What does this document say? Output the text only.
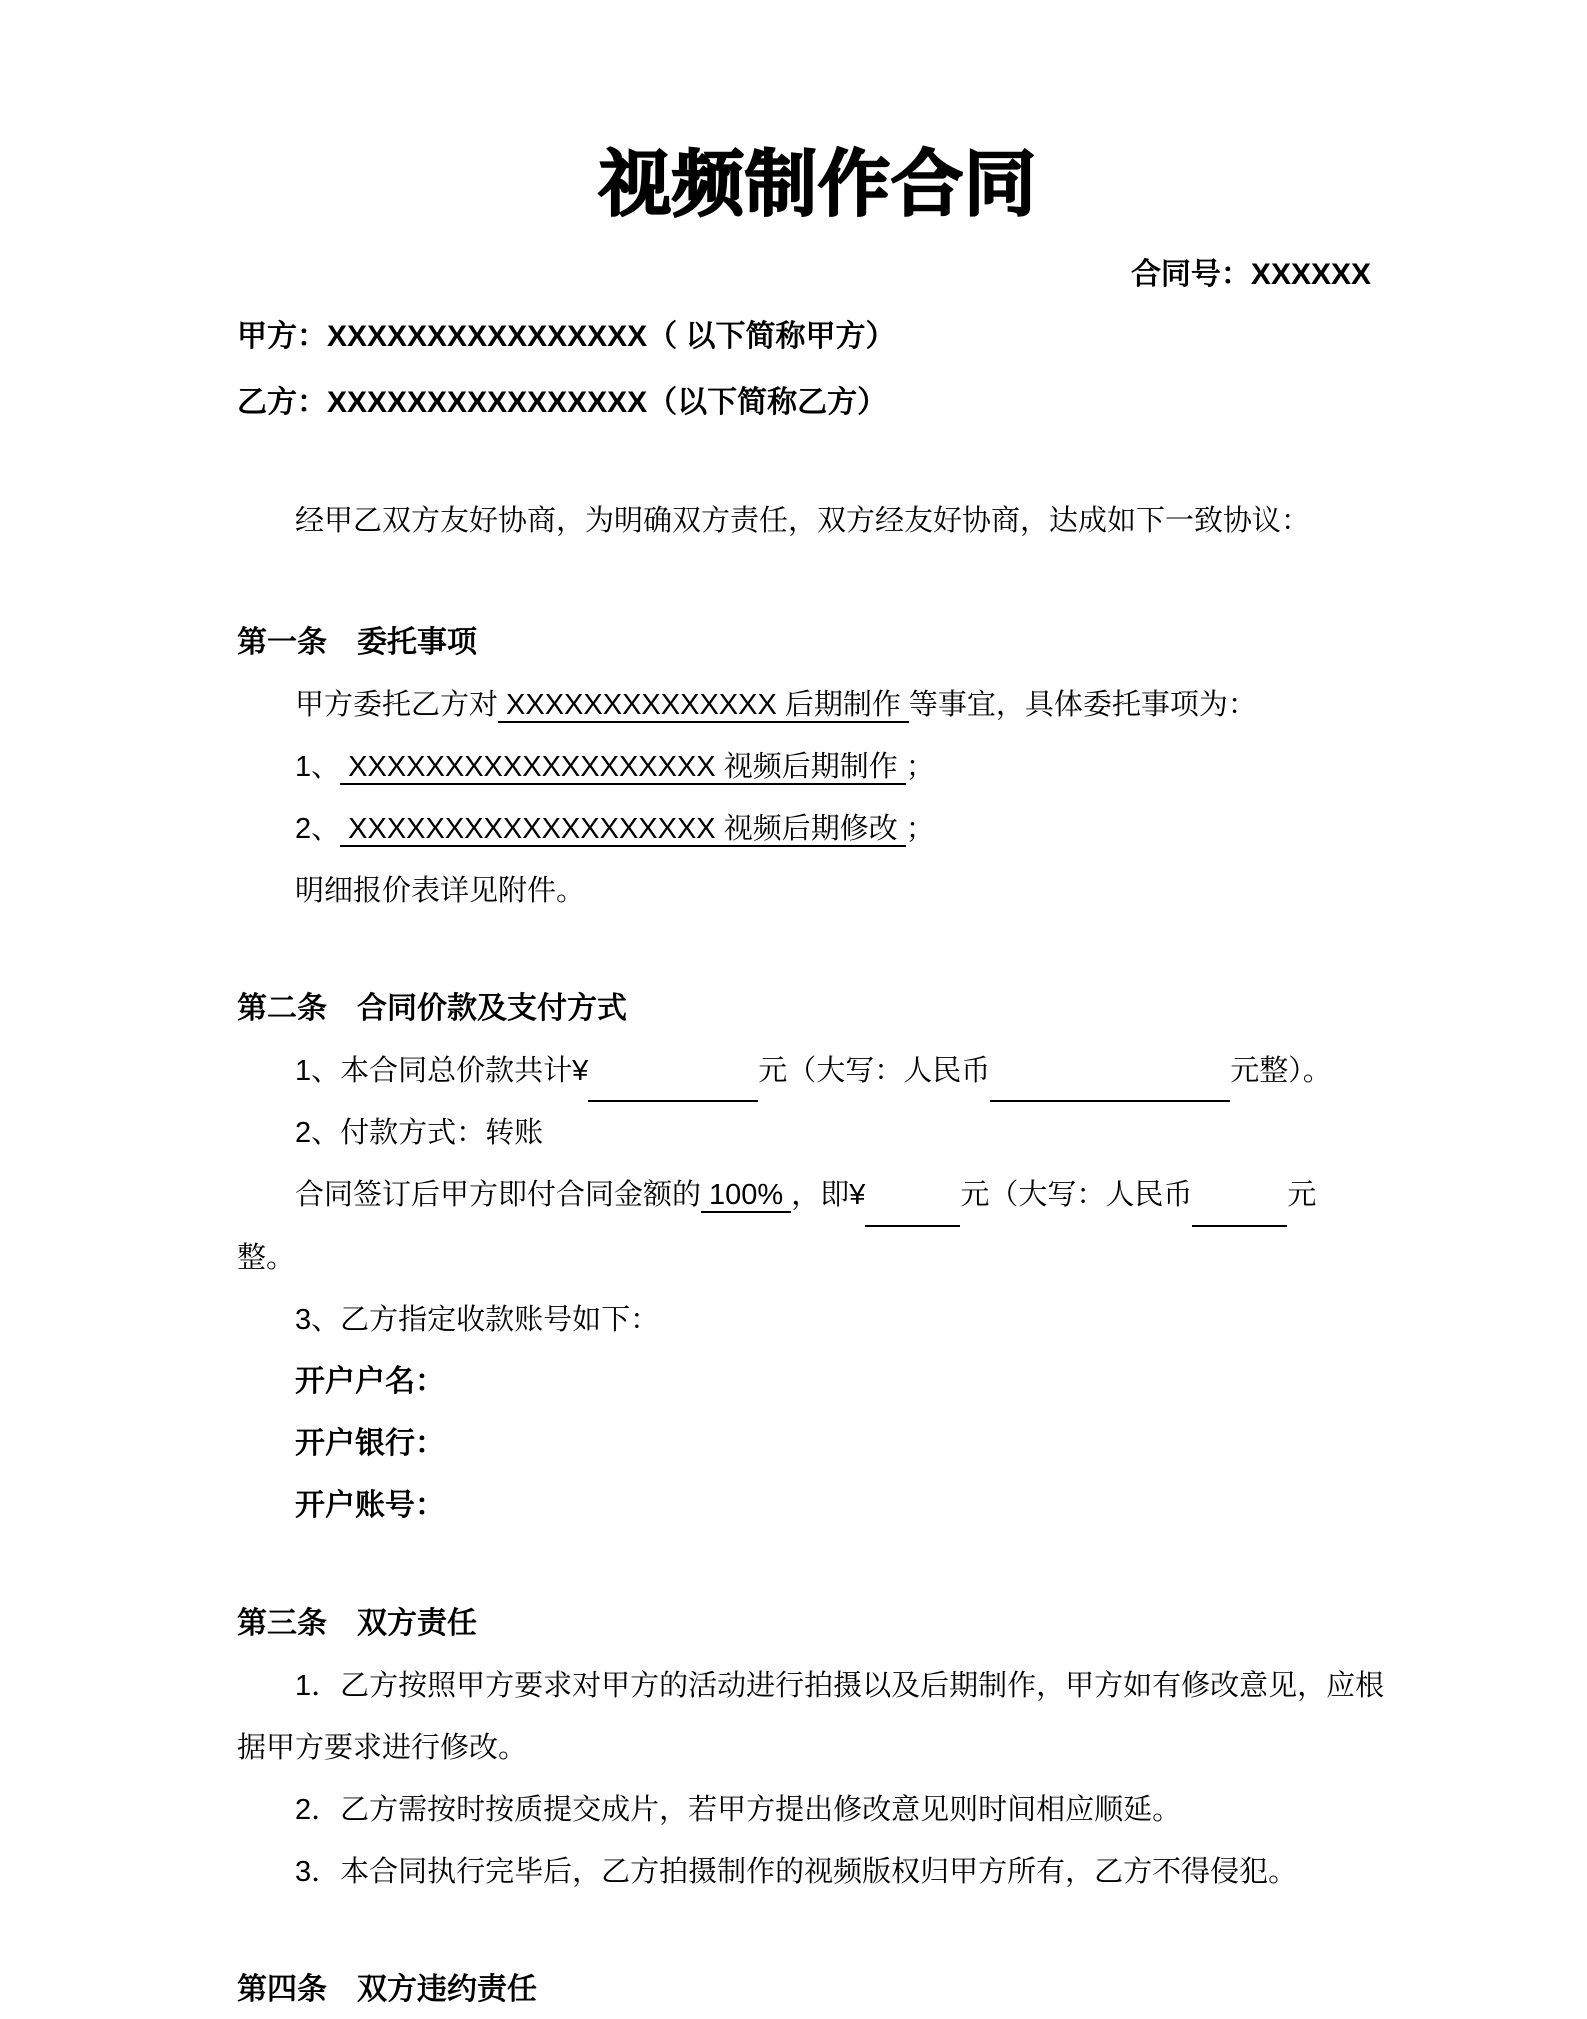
视频制作合同

合同号：XXXXXX

甲方：XXXXXXXXXXXXXXXX（ 以下简称甲方）

乙方：XXXXXXXXXXXXXXXX（以下简称乙方）

经甲乙双方友好协商，为明确双方责任，双方经友好协商，达成如下一致协议：

第一条　委托事项

甲方委托乙方对 XXXXXXXXXXXXXX 后期制作 等事宜，具体委托事项为：

1、 XXXXXXXXXXXXXXXXXXX 视频后期制作 ；

2、 XXXXXXXXXXXXXXXXXXX 视频后期修改 ；

明细报价表详见附件。

第二条　合同价款及支付方式

1、本合同总价款共计¥	元（大写：人民币	元整）。

2、付款方式：转账

合同签订后甲方即付合同金额的 100% ，即¥	元（大写：人民币	元

整。

3、乙方指定收款账号如下：

开户户名：

开户银行：

开户账号：

第三条　双方责任

1．乙方按照甲方要求对甲方的活动进行拍摄以及后期制作，甲方如有修改意见，应根据甲方要求进行修改。

2．乙方需按时按质提交成片，若甲方提出修改意见则时间相应顺延。

3．本合同执行完毕后，乙方拍摄制作的视频版权归甲方所有，乙方不得侵犯。

第四条　双方违约责任
